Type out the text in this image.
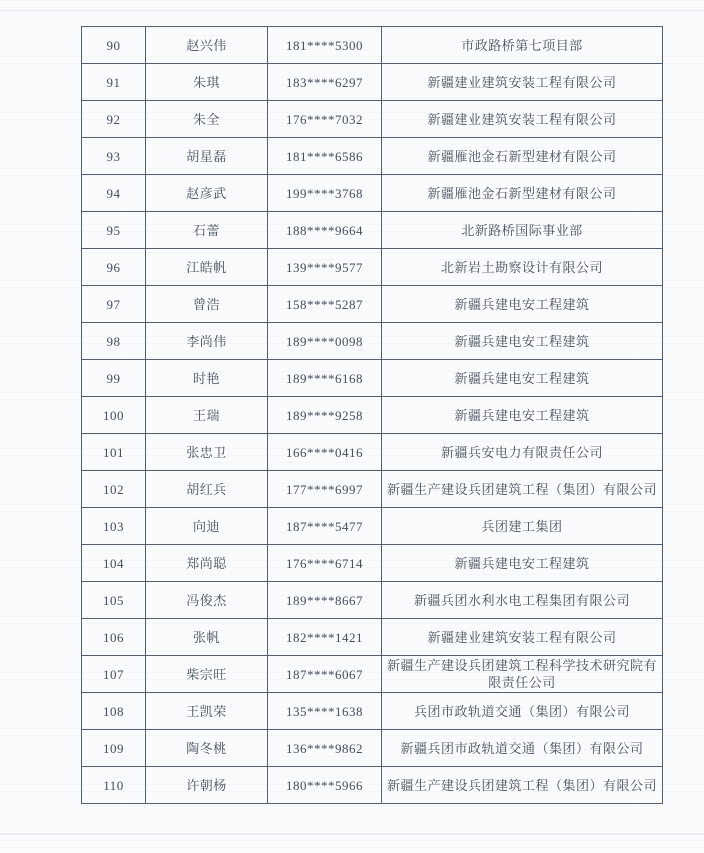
90	赵兴伟	181****5300	市政路桥第七项目部
91	朱琪	183****6297	新疆建业建筑安装工程有限公司
92	朱全	176****7032	新疆建业建筑安装工程有限公司
93	胡星磊	181****6586	新疆雁池金石新型建材有限公司
94	赵彦武	199****3768	新疆雁池金石新型建材有限公司
95	石蕾	188****9664	北新路桥国际事业部
96	江皓帆	139****9577	北新岩土勘察设计有限公司
97	曾浩	158****5287	新疆兵建电安工程建筑
98	李尚伟	189****0098	新疆兵建电安工程建筑
99	时艳	189****6168	新疆兵建电安工程建筑
100	王瑞	189****9258	新疆兵建电安工程建筑
101	张忠卫	166****0416	新疆兵安电力有限责任公司
102	胡红兵	177****6997	新疆生产建设兵团建筑工程（集团）有限公司
103	向迪	187****5477	兵团建工集团
104	郑尚聪	176****6714	新疆兵建电安工程建筑
105	冯俊杰	189****8667	新疆兵团水利水电工程集团有限公司
106	张帆	182****1421	新疆建业建筑安装工程有限公司
107	柴宗旺	187****6067	新疆生产建设兵团建筑工程科学技术研究院有限责任公司
108	王凯荣	135****1638	兵团市政轨道交通（集团）有限公司
109	陶冬桃	136****9862	新疆兵团市政轨道交通（集团）有限公司
110	许朝杨	180****5966	新疆生产建设兵团建筑工程（集团）有限公司
